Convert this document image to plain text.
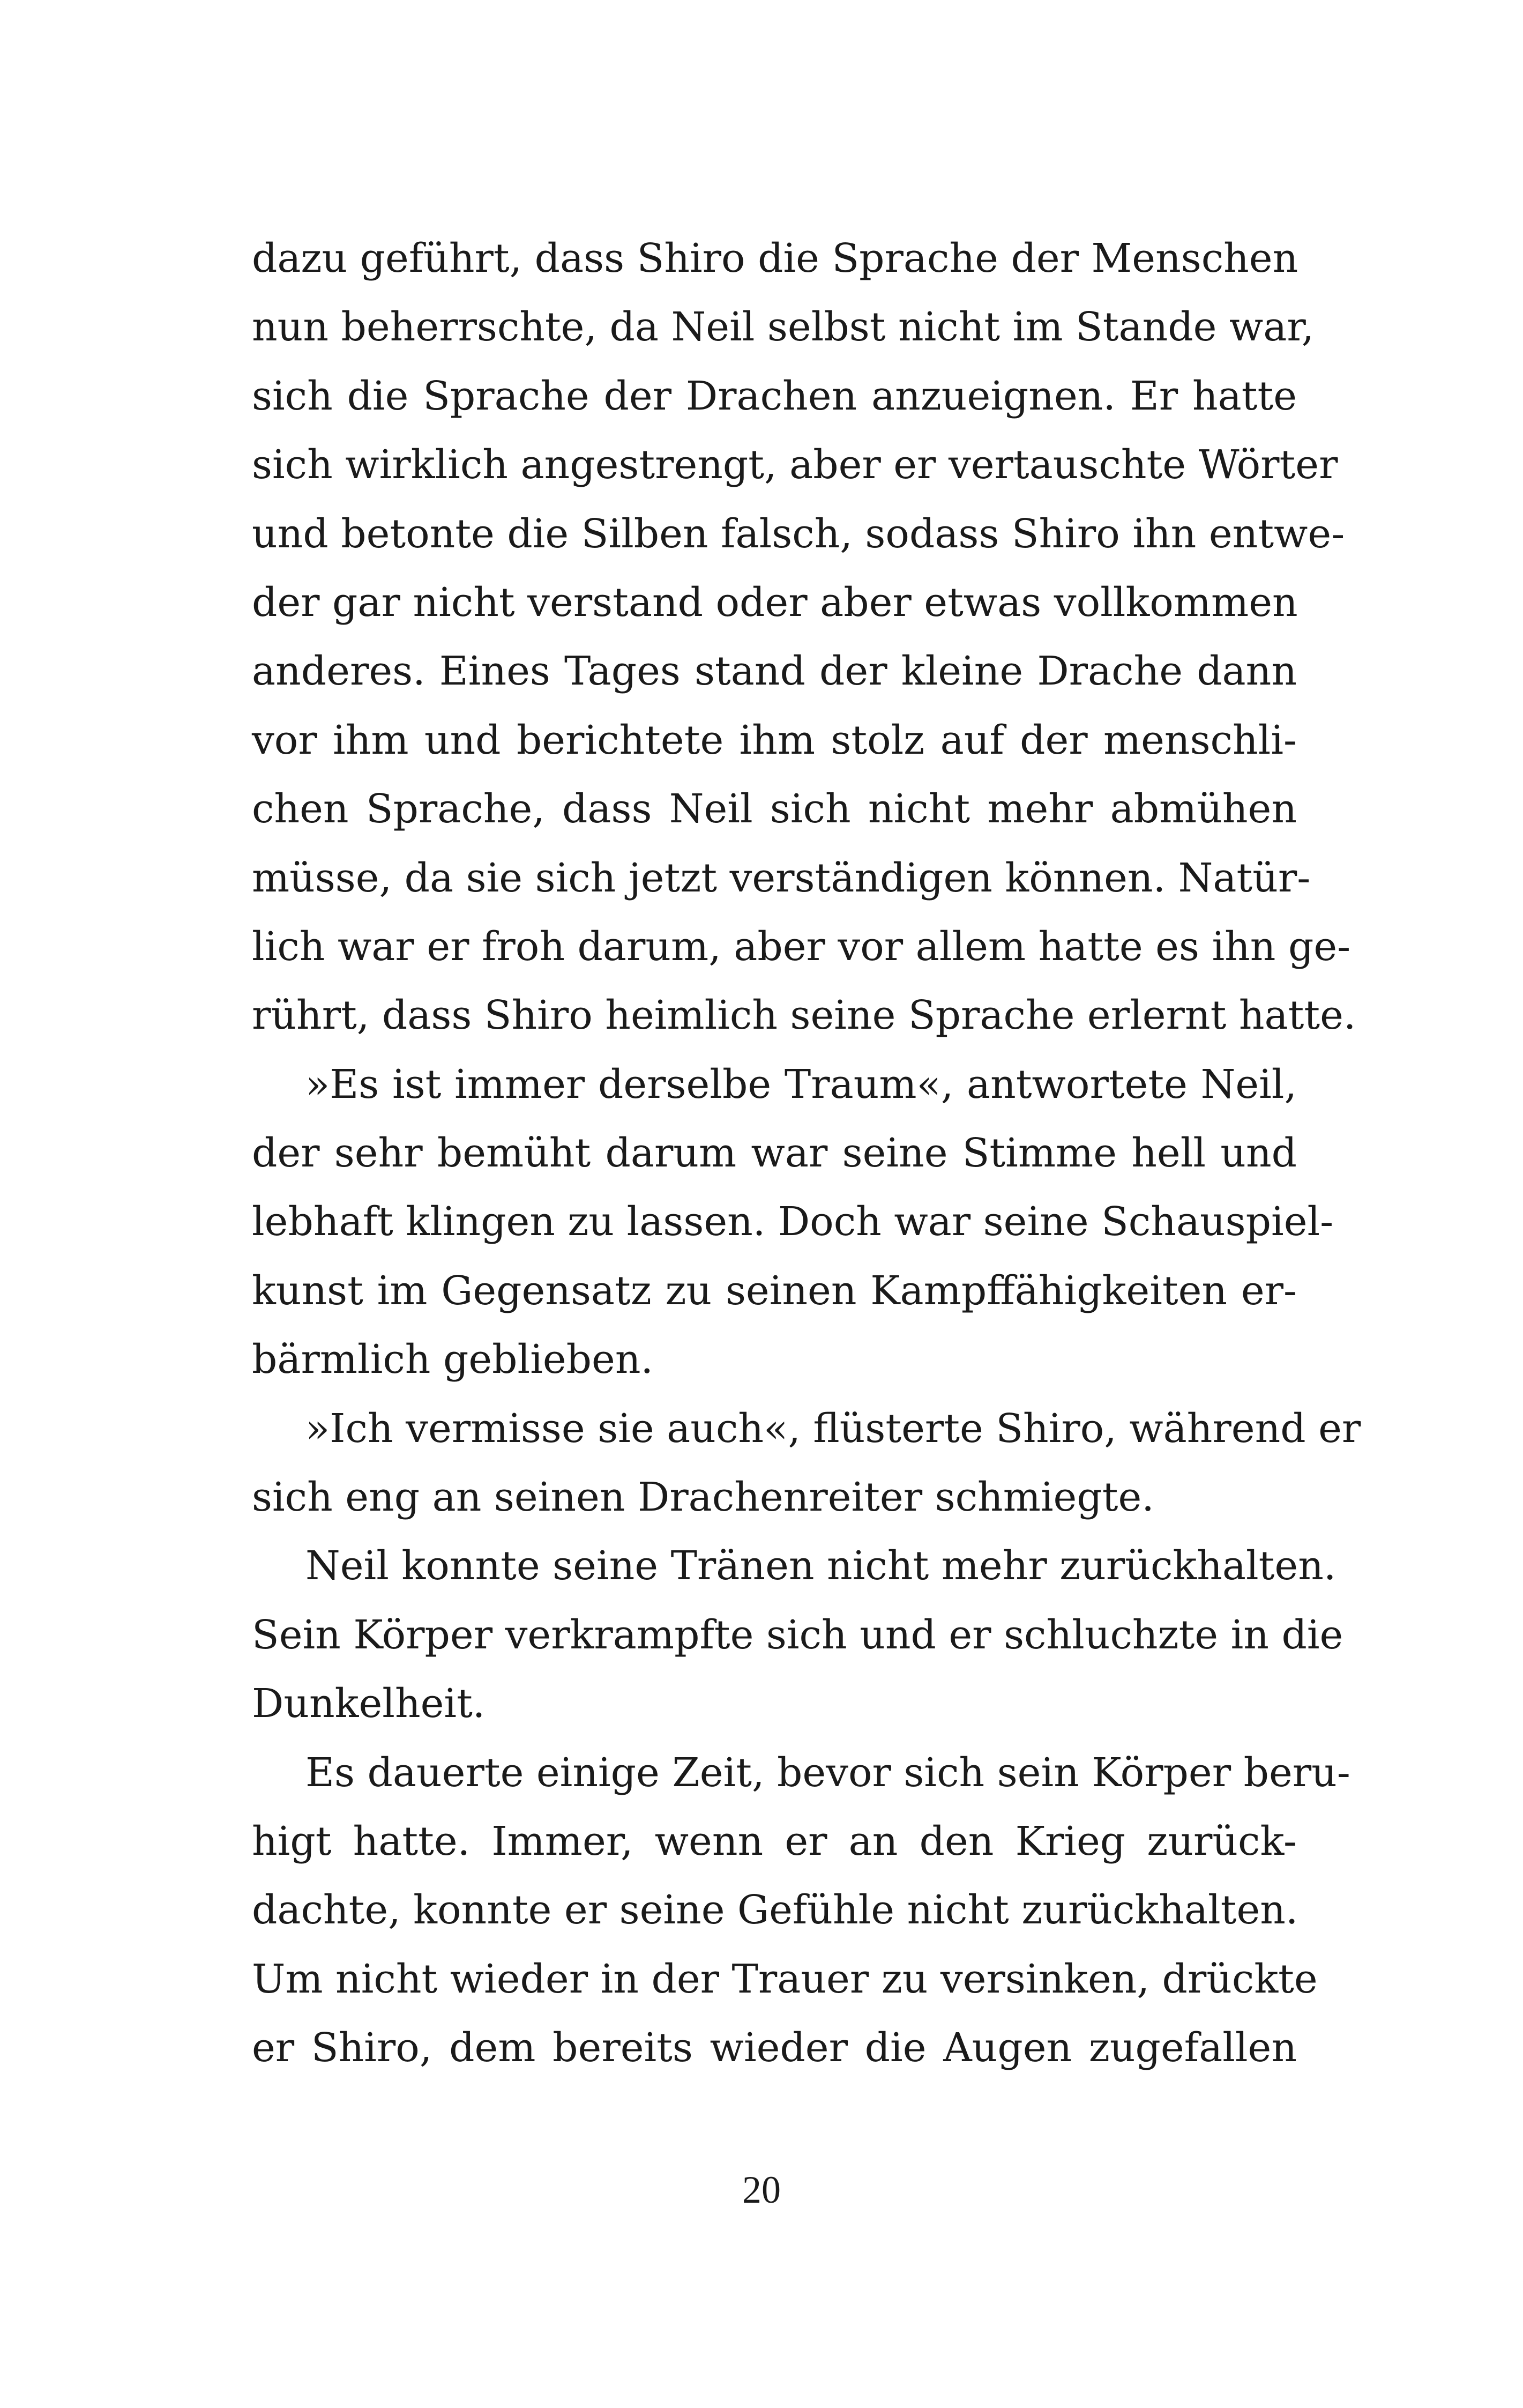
dazu geführt, dass Shiro die Sprache der Menschen
nun beherrschte, da Neil selbst nicht im Stande war,
sich die Sprache der Drachen anzueignen. Er hatte
sich wirklich angestrengt, aber er vertauschte Wörter
und betonte die Silben falsch, sodass Shiro ihn entwe-
der gar nicht verstand oder aber etwas vollkommen
anderes. Eines Tages stand der kleine Drache dann
vor ihm und berichtete ihm stolz auf der menschli-
chen Sprache, dass Neil sich nicht mehr abmühen
müsse, da sie sich jetzt verständigen können. Natür-
lich war er froh darum, aber vor allem hatte es ihn ge-
rührt, dass Shiro heimlich seine Sprache erlernt hatte.
»Es ist immer derselbe Traum«, antwortete Neil,
der sehr bemüht darum war seine Stimme hell und
lebhaft klingen zu lassen. Doch war seine Schauspiel-
kunst im Gegensatz zu seinen Kampffähigkeiten er-
bärmlich geblieben.
»Ich vermisse sie auch«, flüsterte Shiro, während er
sich eng an seinen Drachenreiter schmiegte.
Neil konnte seine Tränen nicht mehr zurückhalten.
Sein Körper verkrampfte sich und er schluchzte in die
Dunkelheit.
Es dauerte einige Zeit, bevor sich sein Körper beru-
higt hatte. Immer, wenn er an den Krieg zurück-
dachte, konnte er seine Gefühle nicht zurückhalten.
Um nicht wieder in der Trauer zu versinken, drückte
er Shiro, dem bereits wieder die Augen zugefallen
20
